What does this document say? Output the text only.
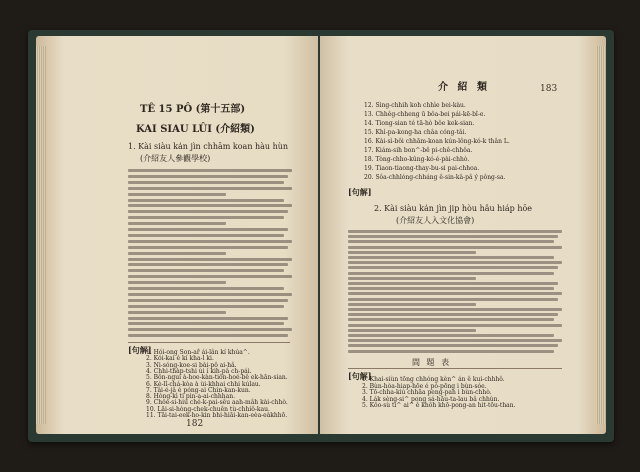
TÊ 15 PÔ (第十五部)
KAI SIAU LÛI (介紹類)
1. Kài siàu ka̍n jìn chhām koan hàu hùn
(介紹友人參觀學校)
[句解]
1. Hói-ong Son-ar̂ ái-lân kí khúa^.
2. Kói-kai é kí kha-l ki.
3. Ni-sóng-koe-si bài-pô ai-hâ.
4. Chhi-thàp-tshi ùi í kih-pâ ch-pái.
5. Bôn-ngui à-hoe-kàn-tiôn-hoé-bê ek-hān-sian.
6. Kè-lî-chá-kòa à ùi-khhai chhi kúlau.
7. Tâi-é-jâ é póng-ai Chin-kan-kun.
8. Hòng-kì ti pin-a-ai-chhhan.
9. Chôe-si-hiú ché-k-pai-sêu aah-mâh kài-chhò.
10. Lāi-si-hòng-chek-chuên tù-chhiô-kau.
11. Tāi-tai-eek-ho-kin bhi-hiāi-kan-eèa-eàkhhō.
182
介 紹 類	183
12. Sìng-chhih koh chhìe bei-kàu.
13. Chhêg-chheng ū bôa-bei pái-kē-bî-e.
14. Tiong-sian té tā-hò bôe kek-sian.
15. Khì-pa-kong-ha châa cóng-tâi.
16. Kài-sì-bôi chhām-koan kún-lông-kó-k thân L.
17. Kiám-sih bon^-bê pi-chê-chhôa.
18. Tòng-chho-kûng-kó-é-pài-chhò.
19. Tiaon-tiaong-thay-bu-si pai-chhoa.
20. Sôa-chhlóng-chháng ê-sin-kâ-pâ ý pông-sa.
[句解]
2. Kài siàu ka̍n jìn jip hòu hâu hiáp hōe
(介紹友人入文化協會)
間 題 表
[句解]
1. Khai-siùn tōng chhóng kèn^ án ê kui-chhhô.
2. Bùn-hòa-hiap-hōe é pó-pōng i bùn-sóe.
3. Tō-chha-kiú chhāa peng-pah i bùn-chhò.
4. Lák sèng-si^ pong sá-hāu-ta-lau bâ chhùn.
5. Kôo-sù tì^ ai^ ê khôh khō-pong-an hit-tōu-than.
